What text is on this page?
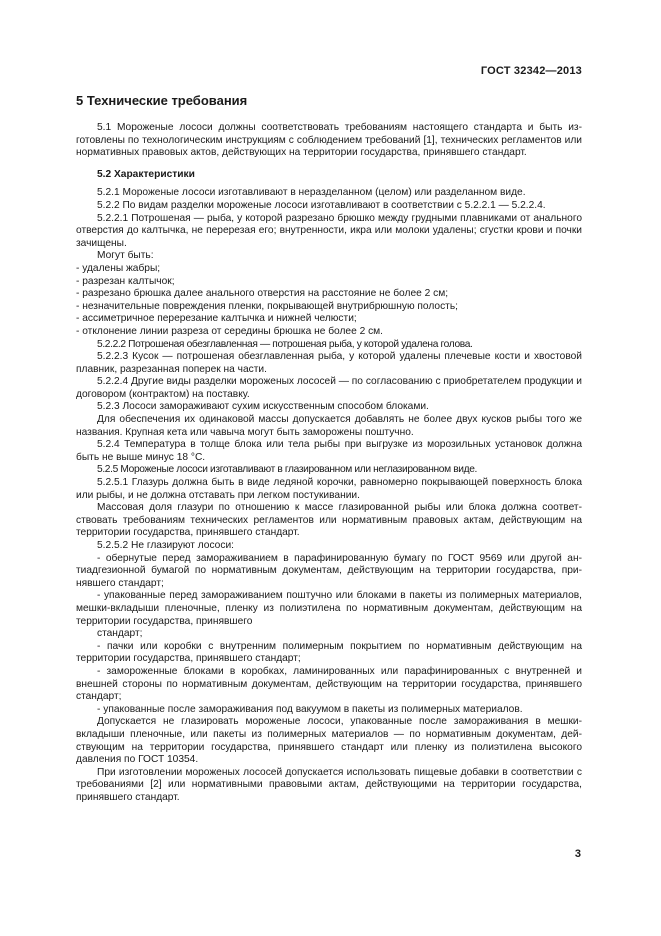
ГОСТ 32342—2013
5 Технические требования

5.1 Мороженые лососи должны соответствовать требованиям настоящего стандарта и быть изготовлены по технологическим инструкциям с соблюдением требований [1], технических регламентов или нормативных правовых актов, действующих на территории государства, принявшего стандарт.

5.2 Характеристики

5.2.1 Мороженые лососи изготавливают в неразделанном (целом) или разделанном виде.

5.2.2 По видам разделки мороженые лососи изготавливают в соответствии с 5.2.2.1 — 5.2.2.4.

5.2.2.1 Потрошеная — рыба, у которой разрезано брюшко между грудными плавниками от анального отверстия до калтычка, не перерезая его; внутренности, икра или молоки удалены; сгустки крови и почки зачищены.

Могут быть:

- удалены жабры;

- разрезан калтычок;

- разрезано брюшка далее анального отверстия на расстояние не более 2 см;

- незначительные повреждения пленки, покрывающей внутрибрюшную полость;

- ассиметричное перерезание калтычка и нижней челюсти;

- отклонение линии разреза от середины брюшка не более 2 см.

5.2.2.2 Потрошеная обезглавленная — потрошеная рыба, у которой удалена голова.

5.2.2.3 Кусок — потрошеная обезглавленная рыба, у которой удалены плечевые кости и хвостовой плавник, разрезанная поперек на части.

5.2.2.4 Другие виды разделки мороженых лососей — по согласованию с приобретателем продукции и договором (контрактом) на поставку.

5.2.3 Лососи замораживают сухим искусственным способом блоками.

Для обеспечения их одинаковой массы допускается добавлять не более двух кусков рыбы того же названия. Крупная кета или чавыча могут быть заморожены поштучно.

5.2.4 Температура в толще блока или тела рыбы при выгрузке из морозильных установок должна быть не выше минус 18 °С.

5.2.5 Мороженые лососи изготавливают в глазированном или неглазированном виде.

5.2.5.1 Глазурь должна быть в виде ледяной корочки, равномерно покрывающей поверхность блока или рыбы, и не должна отставать при легком постукивании.

Массовая доля глазури по отношению к массе глазированной рыбы или блока должна соответствовать требованиям технических регламентов или нормативным правовых актам, действующим на территории государства, принявшего стандарт.

5.2.5.2 Не глазируют лососи:

- обернутые перед замораживанием в парафинированную бумагу по ГОСТ 9569 или другой антиадгезионной бумагой по нормативным документам, действующим на территории государства, принявшего стандарт;

- упакованные перед замораживанием поштучно или блоками в пакеты из полимерных материалов, мешки-вкладыши пленочные, пленку из полиэтилена по нормативным документам, действующим на территории государства, принявшего

стандарт;

- пачки или коробки с внутренним полимерным покрытием по нормативным действующим на территории государства, принявшего стандарт;

- замороженные блоками в коробках, ламинированных или парафинированных с внутренней и внешней стороны по нормативным документам, действующим на территории государства, принявшего стандарт;

- упакованные после замораживания под вакуумом в пакеты из полимерных материалов.

Допускается не глазировать мороженые лососи, упакованные после замораживания в мешки-вкладыши пленочные, или пакеты из полимерных материалов — по нормативным документам, действующим на территории государства, принявшего стандарт или пленку из полиэтилена высокого давления по ГОСТ 10354.

При изготовлении мороженых лососей допускается использовать пищевые добавки в соответствии с требованиями [2] или нормативными правовыми актам, действующими на территории государства, принявшего стандарт.

3
